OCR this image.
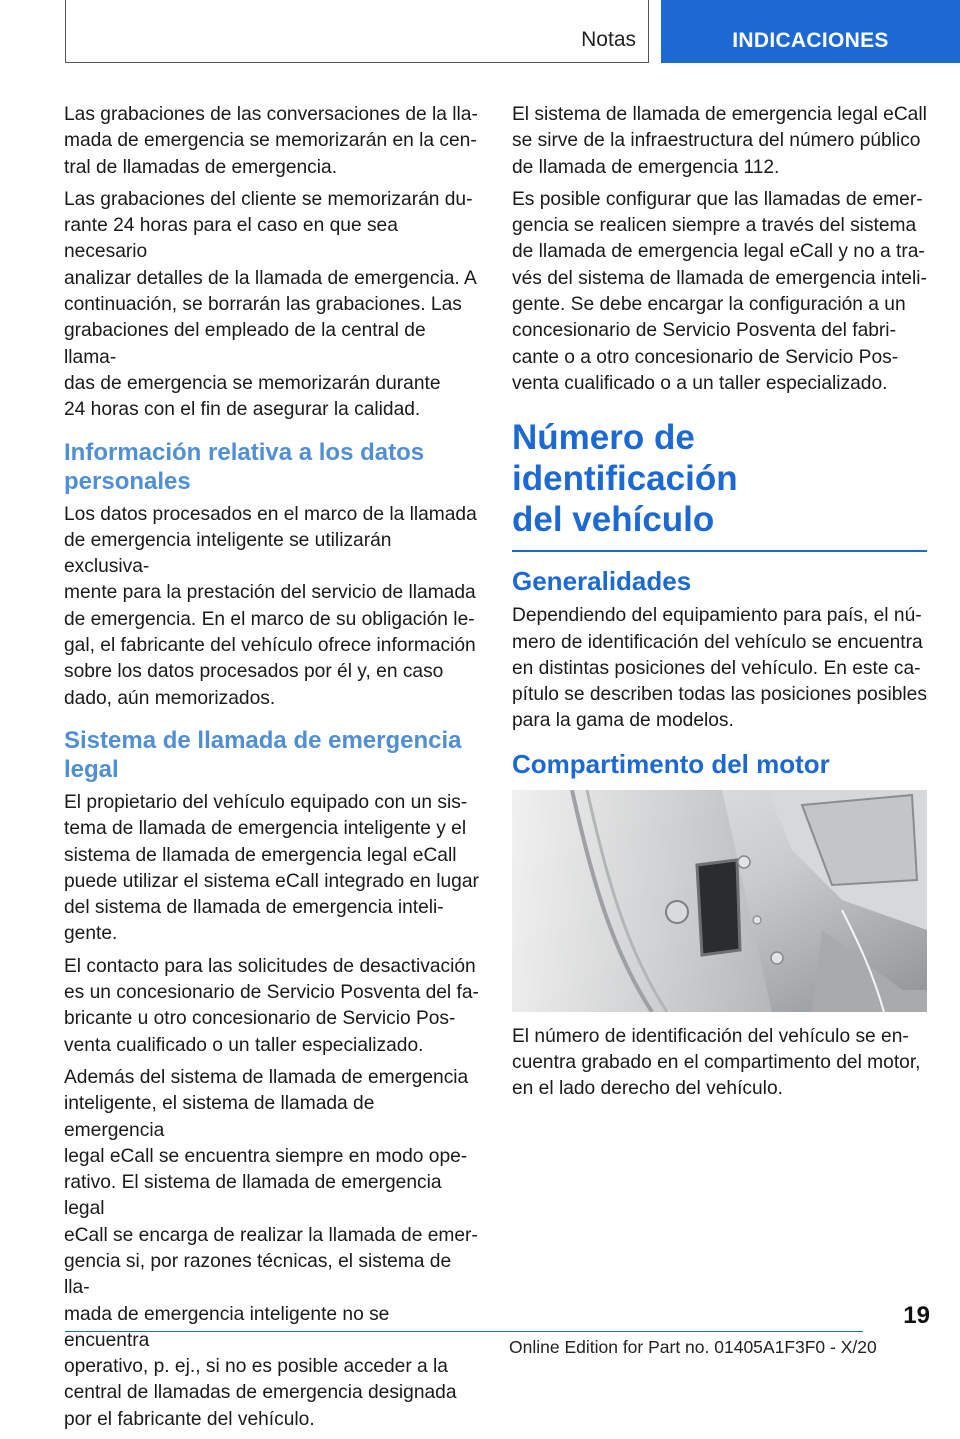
Notas	INDICACIONES

Las grabaciones de las conversaciones de la lla‐
mada de emergencia se memorizarán en la cen‐
tral de llamadas de emergencia.

Las grabaciones del cliente se memorizarán du‐
rante 24 horas para el caso en que sea necesario
analizar detalles de la llamada de emergencia. A
continuación, se borrarán las grabaciones. Las
grabaciones del empleado de la central de llama‐
das de emergencia se memorizarán durante
24 horas con el fin de asegurar la calidad.

Información relativa a los datos
personales

Los datos procesados en el marco de la llamada
de emergencia inteligente se utilizarán exclusiva‐
mente para la prestación del servicio de llamada
de emergencia. En el marco de su obligación le‐
gal, el fabricante del vehículo ofrece información
sobre los datos procesados por él y, en caso
dado, aún memorizados.

Sistema de llamada de emergencia
legal

El propietario del vehículo equipado con un sis‐
tema de llamada de emergencia inteligente y el
sistema de llamada de emergencia legal eCall
puede utilizar el sistema eCall integrado en lugar
del sistema de llamada de emergencia inteli‐
gente.

El contacto para las solicitudes de desactivación
es un concesionario de Servicio Posventa del fa‐
bricante u otro concesionario de Servicio Pos‐
venta cualificado o un taller especializado.

Además del sistema de llamada de emergencia
inteligente, el sistema de llamada de emergencia
legal eCall se encuentra siempre en modo ope‐
rativo. El sistema de llamada de emergencia legal
eCall se encarga de realizar la llamada de emer‐
gencia si, por razones técnicas, el sistema de lla‐
mada de emergencia inteligente no se encuentra
operativo, p. ej., si no es posible acceder a la
central de llamadas de emergencia designada
por el fabricante del vehículo.

El sistema de llamada de emergencia legal eCall
se sirve de la infraestructura del número público
de llamada de emergencia 112.

Es posible configurar que las llamadas de emer‐
gencia se realicen siempre a través del sistema
de llamada de emergencia legal eCall y no a tra‐
vés del sistema de llamada de emergencia inteli‐
gente. Se debe encargar la configuración a un
concesionario de Servicio Posventa del fabri‐
cante o a otro concesionario de Servicio Pos‐
venta cualificado o a un taller especializado.

Número de identificación
del vehículo
Generalidades

Dependiendo del equipamiento para país, el nú‐
mero de identificación del vehículo se encuentra
en distintas posiciones del vehículo. En este ca‐
pítulo se describen todas las posiciones posibles
para la gama de modelos.

Compartimento del motor

El número de identificación del vehículo se en‐
cuentra grabado en el compartimento del motor,
en el lado derecho del vehículo.

19
Online Edition for Part no. 01405A1F3F0 - X/20
